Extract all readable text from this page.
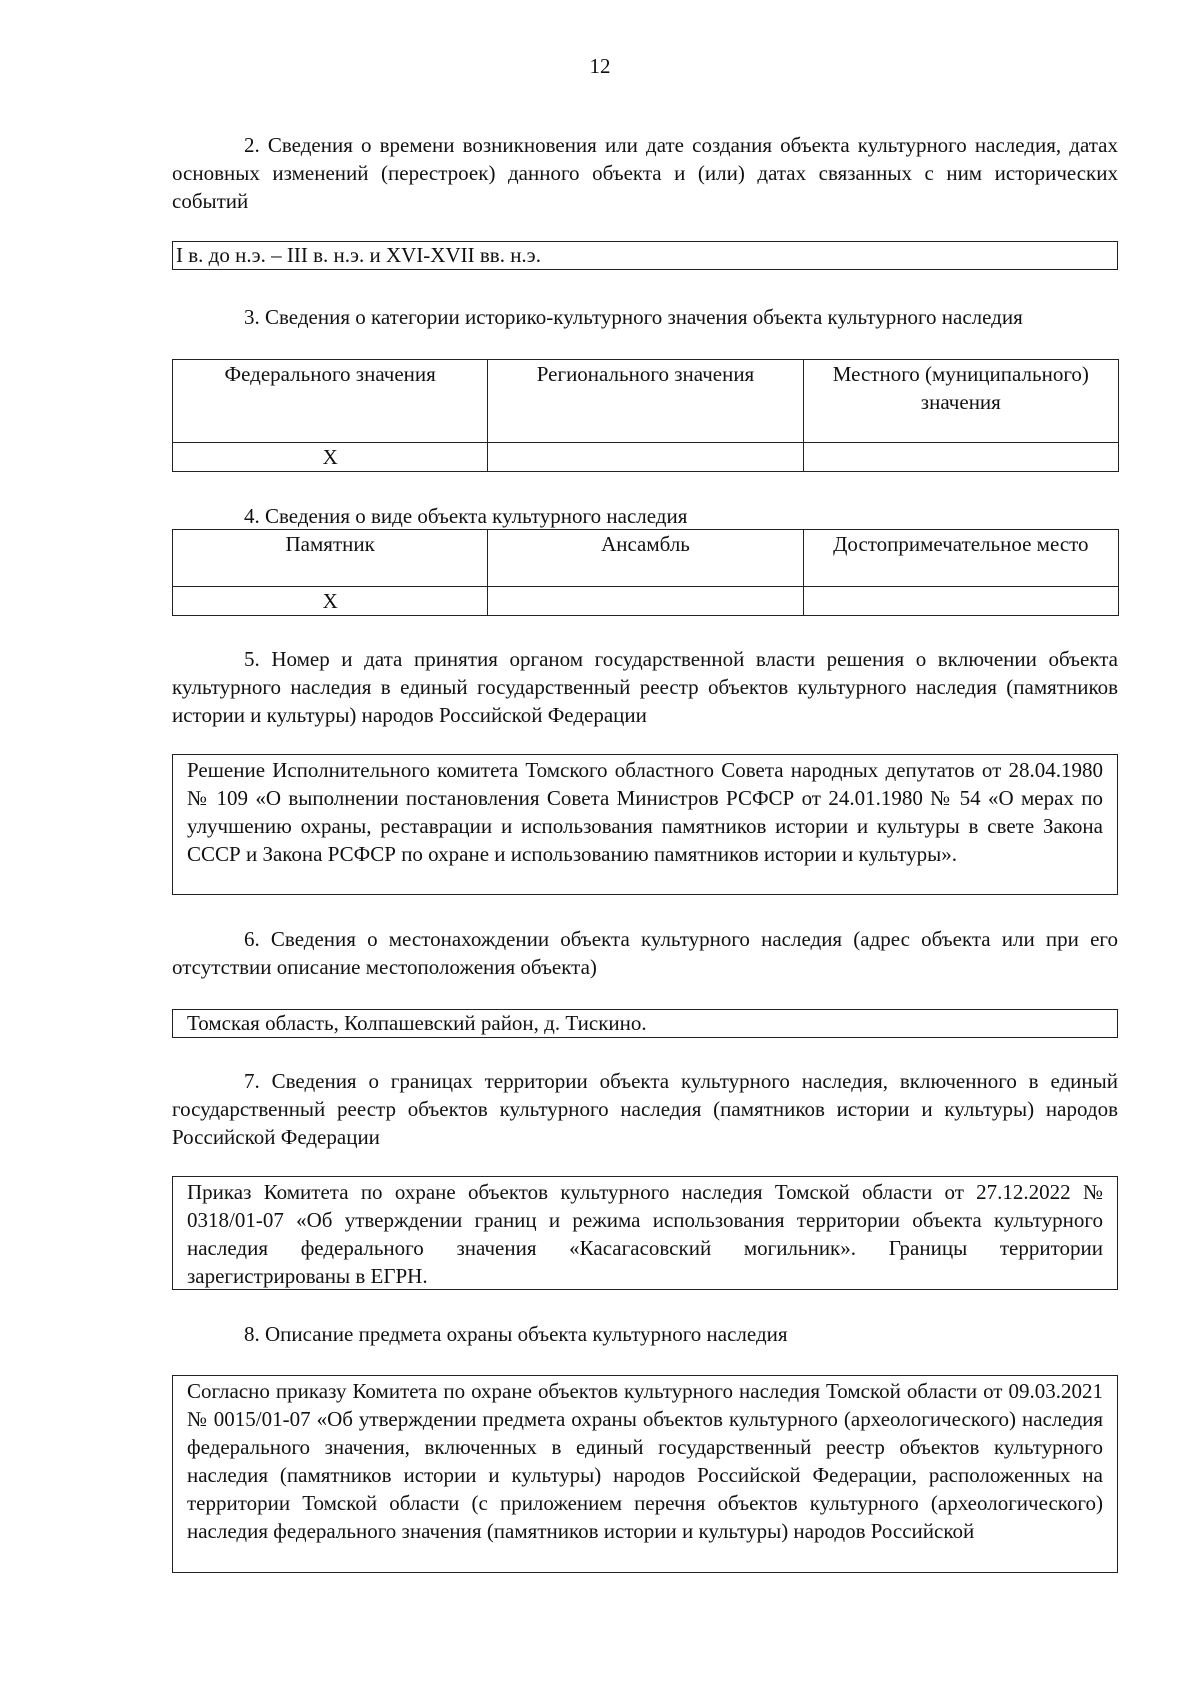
12

2. Сведения о времени возникновения или дате создания объекта культурного наследия, датах основных изменений (перестроек) данного объекта и (или) датах связанных с ним исторических событий

I в. до н.э. – III в. н.э. и XVI-XVII вв. н.э.

3. Сведения о категории историко-культурного значения объекта культурного наследия

Федерального значения	Регионального значения	Местного (муниципального) значения
Х		

4. Сведения о виде объекта культурного наследия

Памятник	Ансамбль	Достопримечательное место
Х		

5. Номер и дата принятия органом государственной власти решения о включении объекта культурного наследия в единый государственный реестр объектов культурного наследия (памятников истории и культуры) народов Российской Федерации

Решение Исполнительного комитета Томского областного Совета народных депутатов от 28.04.1980 № 109 «О выполнении постановления Совета Министров РСФСР от 24.01.1980 № 54 «О мерах по улучшению охраны, реставрации и использования памятников истории и культуры в свете Закона СССР и Закона РСФСР по охране и использованию памятников истории и культуры».

6. Сведения о местонахождении объекта культурного наследия (адрес объекта или при его отсутствии описание местоположения объекта)

Томская область, Колпашевский район, д. Тискино.

7. Сведения о границах территории объекта культурного наследия, включенного в единый государственный реестр объектов культурного наследия (памятников истории и культуры) народов Российской Федерации

Приказ Комитета по охране объектов культурного наследия Томской области от 27.12.2022 № 0318/01-07 «Об утверждении границ и режима использования территории объекта культурного наследия федерального значения «Касагасовский могильник». Границы территории зарегистрированы в ЕГРН.

8. Описание предмета охраны объекта культурного наследия

Согласно приказу Комитета по охране объектов культурного наследия Томской области от 09.03.2021 № 0015/01-07 «Об утверждении предмета охраны объектов культурного (археологического) наследия федерального значения, включенных в единый государственный реестр объектов культурного наследия (памятников истории и культуры) народов Российской Федерации, расположенных на территории Томской области (с приложением перечня объектов культурного (археологического) наследия федерального значения (памятников истории и культуры) народов Российской
